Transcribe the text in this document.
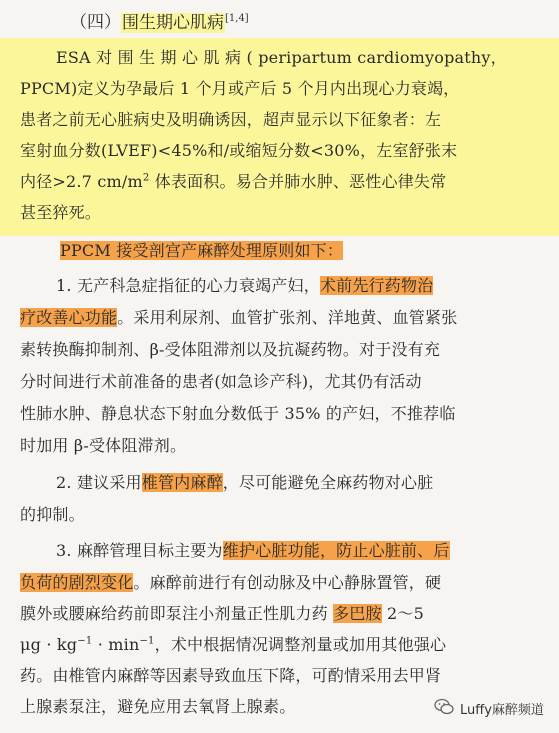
（四）围生期心肌病[1,4]
ESA 对 围 生 期 心 肌 病 ( peripartum cardiomyopathy，
PPCM)定义为孕最后 1 个月或产后 5 个月内出现心力衰竭，
患者之前无心脏病史及明确诱因，超声显示以下征象者：左
室射血分数(LVEF)<45%和/或缩短分数<30%，左室舒张末
内径>2.7 $cm/m^2$ 体表面积。易合并肺水肿、恶性心律失常
甚至猝死。
PPCM 接受剖宫产麻醉处理原则如下：
1. 无产科急症指征的心力衰竭产妇，术前先行药物治
疗改善心功能。采用利尿剂、血管扩张剂、洋地黄、血管紧张
素转换酶抑制剂、β-受体阻滞剂以及抗凝药物。对于没有充
分时间进行术前准备的患者(如急诊产科)，尤其仍有活动
性肺水肿、静息状态下射血分数低于 35% 的产妇，不推荐临
时加用 β-受体阻滞剂。
2. 建议采用椎管内麻醉，尽可能避免全麻药物对心脏
的抑制。
3. 麻醉管理目标主要为维护心脏功能，防止心脏前、后
负荷的剧烈变化。麻醉前进行有创动脉及中心静脉置管，硬
膜外或腰麻给药前即泵注小剂量正性肌力药 多巴胺 2～5
$\mu g \cdot kg^{-1} \cdot \min^{-1}$，术中根据情况调整剂量或加用其他强心
药。由椎管内麻醉等因素导致血压下降，可酌情采用去甲肾
上腺素泵注，避免应用去氧肾上腺素。	Luffy麻醉频道
